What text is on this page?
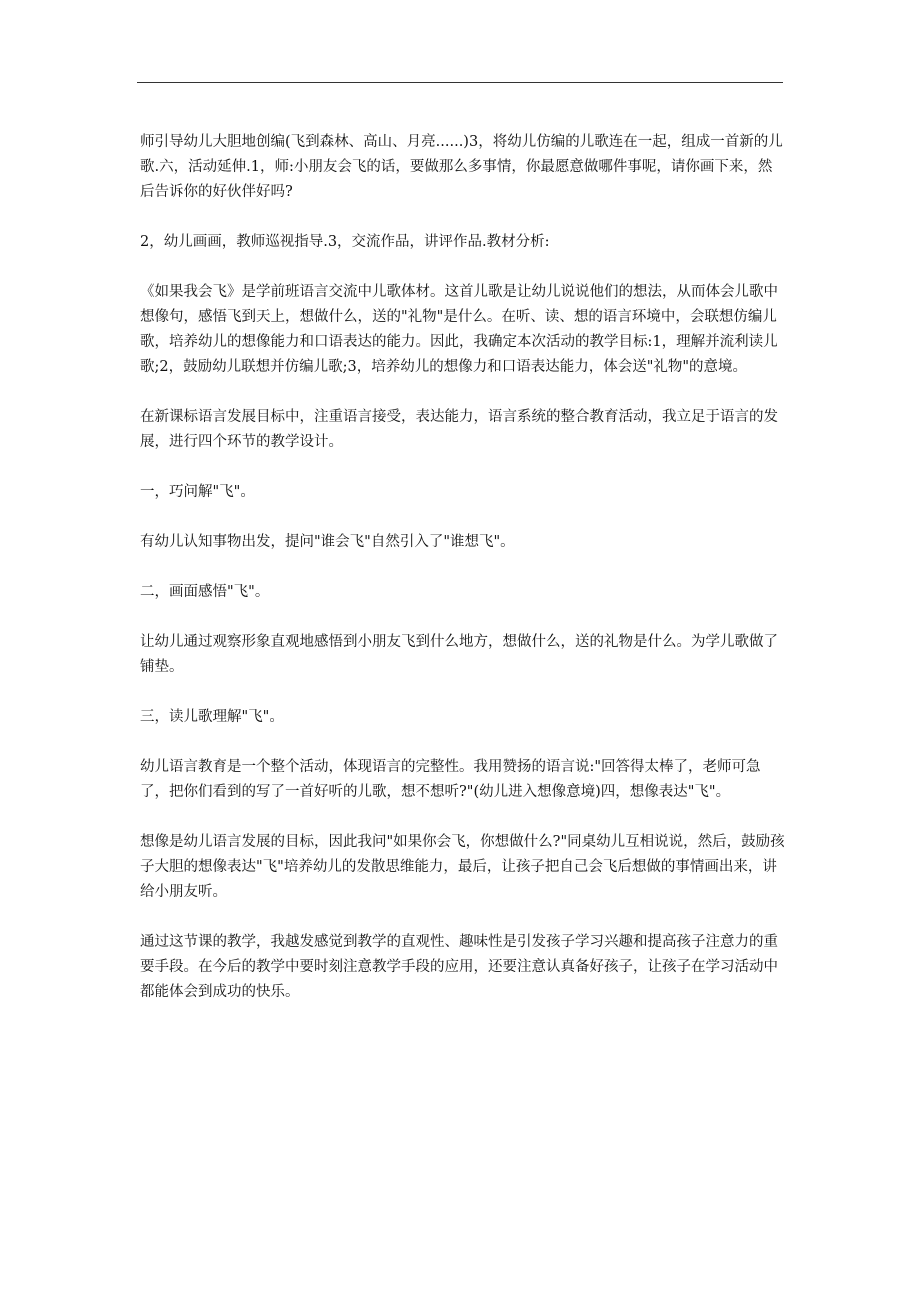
师引导幼儿大胆地创编(飞到森林、高山、月亮......)3，将幼儿仿编的儿歌连在一起，组成一首新的儿歌.六，活动延伸.1，师:小朋友会飞的话，要做那么多事情，你最愿意做哪件事呢，请你画下来，然后告诉你的好伙伴好吗?

2，幼儿画画，教师巡视指导.3，交流作品，讲评作品.教材分析:

《如果我会飞》是学前班语言交流中儿歌体材。这首儿歌是让幼儿说说他们的想法，从而体会儿歌中想像句，感悟飞到天上，想做什么，送的"礼物"是什么。在听、读、想的语言环境中，会联想仿编儿歌，培养幼儿的想像能力和口语表达的能力。因此，我确定本次活动的教学目标:1，理解并流利读儿歌;2，鼓励幼儿联想并仿编儿歌;3，培养幼儿的想像力和口语表达能力，体会送"礼物"的意境。

在新课标语言发展目标中，注重语言接受，表达能力，语言系统的整合教育活动，我立足于语言的发展，进行四个环节的教学设计。

一，巧问解"飞"。

有幼儿认知事物出发，提问"谁会飞"自然引入了"谁想飞"。

二，画面感悟"飞"。

让幼儿通过观察形象直观地感悟到小朋友飞到什么地方，想做什么，送的礼物是什么。为学儿歌做了铺垫。

三，读儿歌理解"飞"。

幼儿语言教育是一个整个活动，体现语言的完整性。我用赞扬的语言说:"回答得太棒了，老师可急了，把你们看到的写了一首好听的儿歌，想不想听?"(幼儿进入想像意境)四，想像表达"飞"。

想像是幼儿语言发展的目标，因此我问"如果你会飞，你想做什么?"同桌幼儿互相说说，然后，鼓励孩子大胆的想像表达"飞"培养幼儿的发散思维能力，最后，让孩子把自己会飞后想做的事情画出来，讲给小朋友听。

通过这节课的教学，我越发感觉到教学的直观性、趣味性是引发孩子学习兴趣和提高孩子注意力的重要手段。在今后的教学中要时刻注意教学手段的应用，还要注意认真备好孩子，让孩子在学习活动中都能体会到成功的快乐。
